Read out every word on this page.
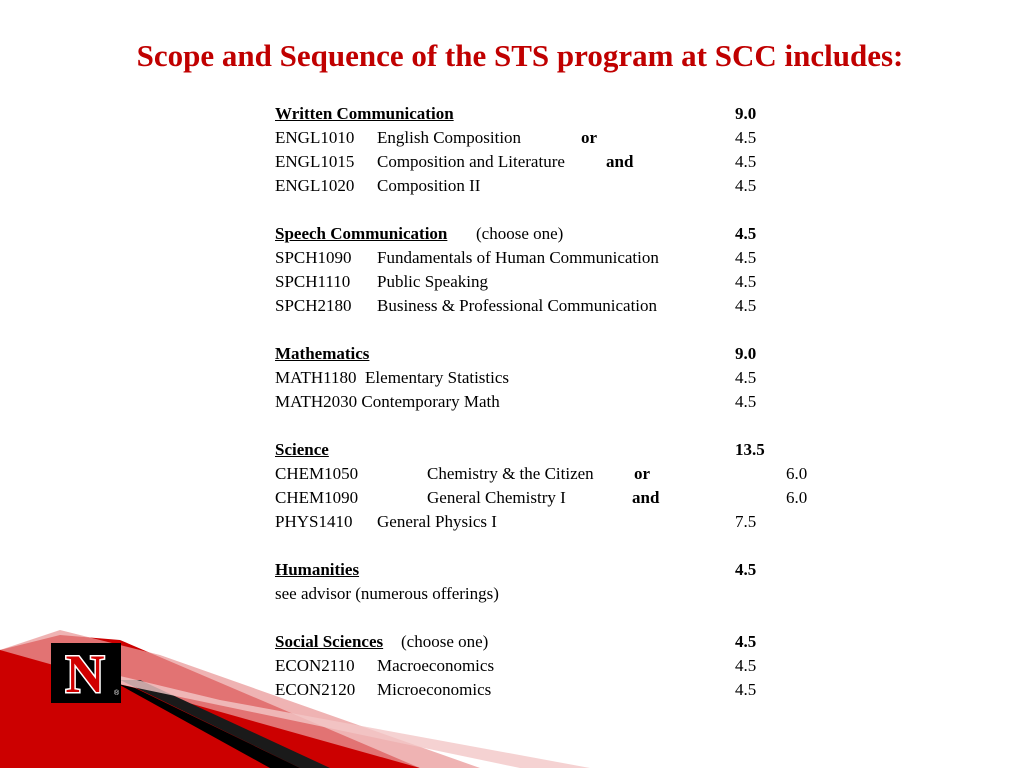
Scope and Sequence of the STS program at SCC includes:
Written Communication	9.0
ENGL1010 English Composition	or	4.5
ENGL1015 Composition and Literature and	4.5
ENGL1020 Composition II	4.5
Speech Communication (choose one)	4.5
SPCH1090 Fundamentals of Human Communication	4.5
SPCH1110 Public Speaking	4.5
SPCH2180 Business & Professional Communication	4.5
Mathematics	9.0
MATH1180  Elementary Statistics	4.5
MATH2030 Contemporary Math	4.5
Science	13.5
CHEM1050	Chemistry & the Citizen or	6.0
CHEM1090	General Chemistry I	and	6.0
PHYS1410 General Physics I	7.5
Humanities	4.5
see advisor (numerous offerings)
Social Sciences (choose one)	4.5
ECON2110 Macroeconomics	4.5
ECON2120 Microeconomics	4.5
N ®
